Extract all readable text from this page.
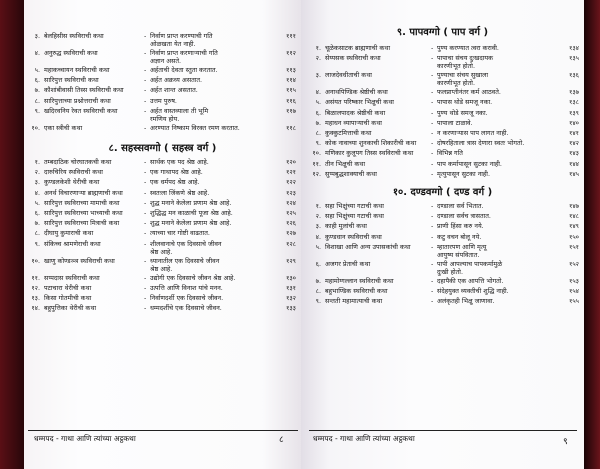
८. सहस्सवग्गो ( सहस्त्र वर्ग )
धम्मपद - गाथा आणि त्यांच्या अट्ठकथा	८
३. बेलहिसीस स्थविराची कथा	निर्वाण प्राप्त करण्याची गति	१११
-
ओळखता येत नाही.
४. अनुरुद्ध स्थविराची कथा	निर्वाण प्राप्त करणाऱ्याची गति	११२
-
अज्ञान असते.
५. महाकच्चायन स्थविराची कथा	अर्हताची देवता स्तुता करतात.	११३
-
६. सारिपुत्त स्थविराची कथा	अर्हत अक्रध्य असतात.	११४
-
७. कौशांबीवासी तिस्स स्थविराची कथा	अर्हत शान्त असतात.	११५
-
८. सारिपुत्ताच्या प्रश्नोत्तराची कथा	उत्तम पुरुष.	११६
-
९. खदिरवनिय रेवत स्थविराची कथा	अर्हत वास्तव्याला ती भूमि	११७
-
रमणिय होय.
१०. एका स्त्रीची कथा	अरण्यात निष्काम विरक्त रमण करतात.	११८
-
१. तम्बदाठिक चोरघातकची कथा	सार्थक एक पद श्रेष्ठ आहे.	१२०
-
२. दारुचिरिय स्थविराची कथा	एक गाथापद श्रेष्ठ आहे.	१२१
-
३. कुण्डलकेशी थेरीची कथा	एक धर्मपद श्रेष्ठ आहे.	१२२
-
४. अनर्थ विचारणाऱ्या ब्राह्मणाची कथा	स्वतःला जिंकणे श्रेष्ठ आहे.	१२३
-
५. सारिपुत्त स्थविराच्या मामाची कथा	शुद्ध मनाने केलेला प्रणाम श्रेष्ठ आहे.	१२४
-
६. सारिपुत्त स्थविराच्या भाच्याची कथा	शुद्धिद्ध मन काळाची पूजा श्रेष्ठ आहे.	१२५
-
७. सारिपुत्त स्थविराच्या मित्राची कथा	शुद्ध मनाने केलेला प्रणाम श्रेष्ठ आहे.	१२६
-
८. दीघायु कुमाराची कथा	त्याच्या चार गोष्टी वाढतात.	१२७
-
९. संकिच्च श्रामणेराची कथा	शीलवानाचे एक दिवसाचे जीवन	१२८
-
श्रेष्ठ आहे.
१०. खाणु कोण्डञ्ञ स्थविराची कथा	ध्यानातील एक दिवसाचे जीवन	१२९
-
श्रेष्ठ आहे.
११. सप्पदास स्थविराची कथा	उद्योगी एक दिवसाचे जीवन श्रेष्ठ आहे.	१३०
-
१२. पटाचारा थेरीची कथा	उत्पत्ति आणि विनाश यांचे मनन.	१३१
-
१३. किसा गोतमीची कथा	निर्वाणदर्शी एक दिवसाचे जीवन.	१३२
-
१४. बहुपुत्तिका थेरीची कथा	धम्मदर्शीचे एक दिवसाचे जीवन.	१३३
-
९. पापवग्गो ( पाप वर्ग )
१०. दण्डवग्गो ( दण्ड वर्ग )
धम्मपद - गाथा आणि त्यांच्या अट्ठकथा	९
१. चूळेकसाटक ब्राह्मणाची कथा	पुण्य करण्यात त्वरा करावी.	१३४
-
२. सेय्यसक स्थविराची कथा	पापाचा संचय दुःखदायक	१३५
-
कारणीभूत होतो.
३. लाजदेवधीताची कथा	पुण्याचा संचय सुखाला	१३६
-
कारणीभूत होतो.
४. अनाथपिण्डिक श्रेष्ठीची कथा	फलप्राप्तीनंतर कर्म आठवते.	१३७
-
५. असंयत परिष्कार भिक्षुची कथा	पापास थोडे समजू नका.	१३८
-
६. बिळालपादक श्रेष्ठीची कथा	पुण्य थोडे समजू नका.	१३९
-
७. महाधन व्यापाऱ्याची कथा	पापाला टाळावे.	१४०
-
८. कुक्कुटमित्ताची कथा	न करणाऱ्यास पाप लागत नाही.	१४१
-
९. कोक नावाच्या शुनकाची शिकारीची कथा	दोषरहिताला त्रास देणारा स्वतः भोगतो.	१४२
-
१०. मणिकार कुलूपग तिस्स स्थविराची कथा	विभिन्न गति	१४३
-
११. तीन भिक्षुची कथा	पाप कर्मापासून सुटका नाही.	१४४
-
१२. सुप्पबुद्धशाक्याची कथा	मृत्युपासून सुटका नाही.	१४५
-
१. सहा भिक्षुंच्या गटाची कथा	दण्डाला सर्व भितात.	१४७
-
२. सहा भिक्षुंच्या गटाची कथा	दण्डाला सर्वच त्रासतात.	१४८
-
३. काही मुलांची कथा	प्राणी हिंसा करु नये.	१४९
-
४. कुण्डधान स्थविराची कथा	कटु वचन बोलू नये.	१५०
-
५. विशाखा आणि अन्य उपासकांची कथा	म्हातारपण आणि मृत्यू	१५१
-
आयुष्य संपवितात.
६. अजगर प्रेताची कथा	पापी आपल्याच पापकर्मामुळे	१५२
-
दुःखी होतो.
७. महामोग्गल्लान स्थविराची कथा	दहापैकी एक आपत्ति भोगतो.	१५३
-
८. बहुभाण्डिक स्थविराची कथा	संदेहयुक्त व्यक्तीची शुद्धि नाही.	१५४
-
९. सन्तती महामात्याची कथा	अलंकृतही भिक्षु जाणावा.	१५५
-
